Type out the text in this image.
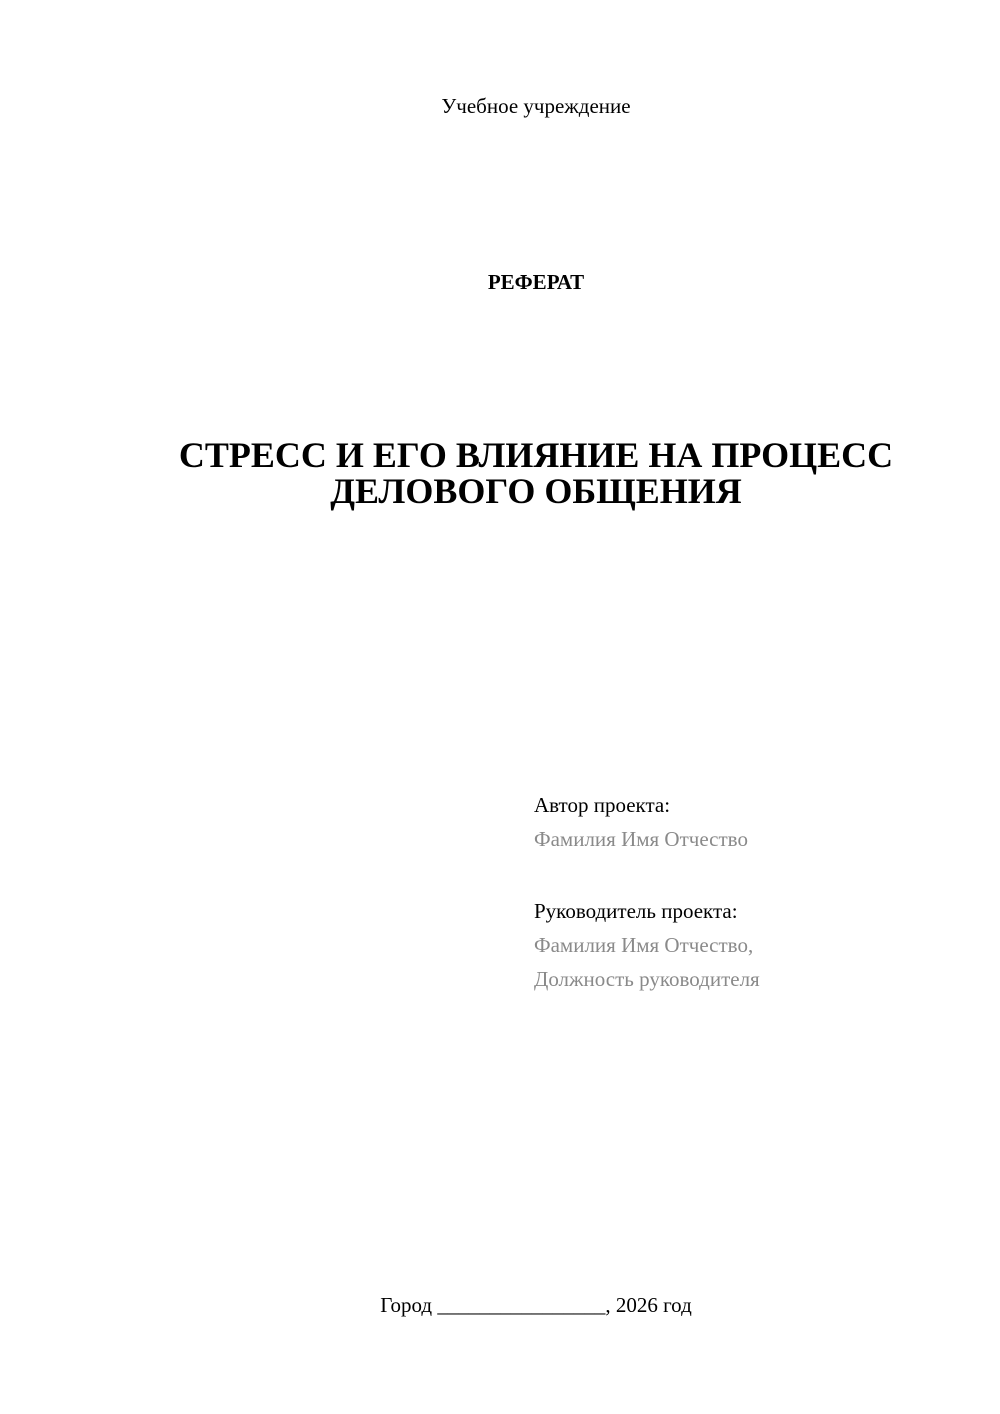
Учебное учреждение
РЕФЕРАТ
СТРЕСС И ЕГО ВЛИЯНИЕ НА ПРОЦЕСС
ДЕЛОВОГО ОБЩЕНИЯ
Автор проекта:
Фамилия Имя Отчество
Руководитель проекта:
Фамилия Имя Отчество,
Должность руководителя
Город ________________, 2026 год
